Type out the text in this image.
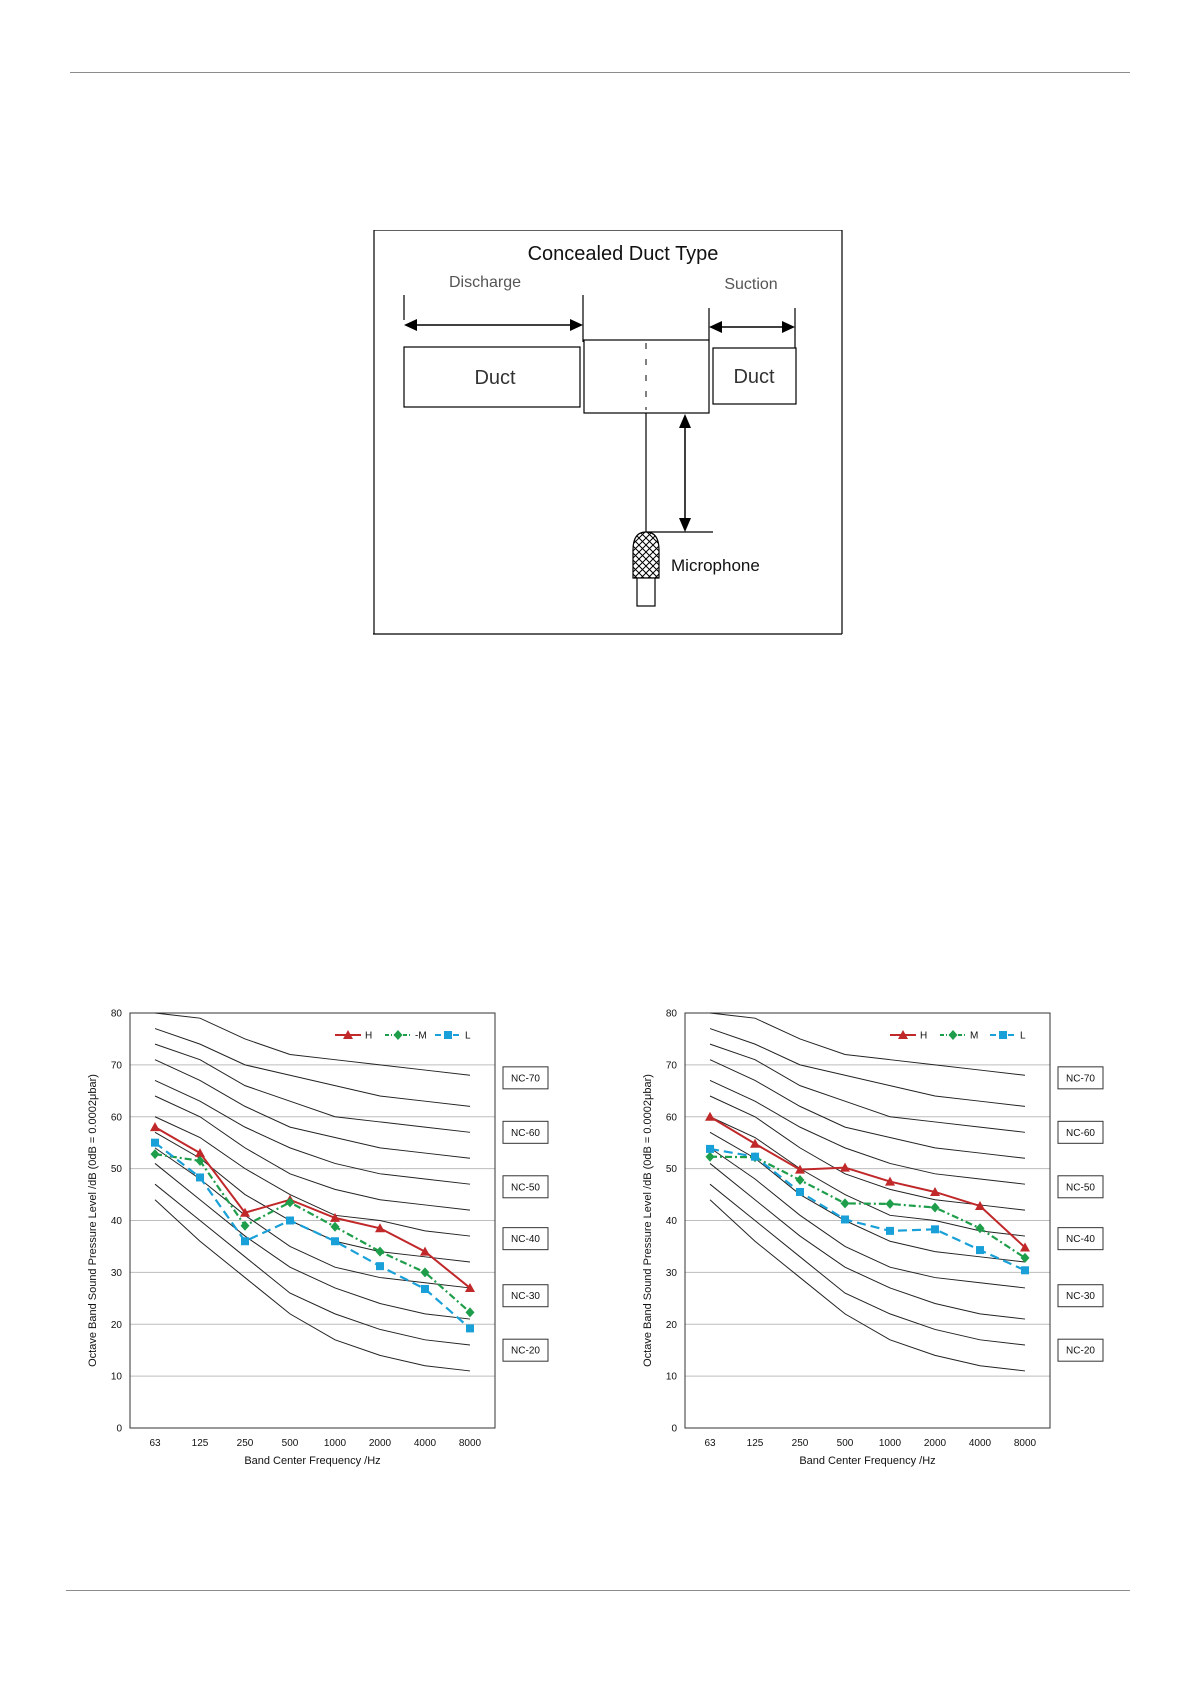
Concealed Duct Type
Discharge	Suction
Duct	Duct
Microphone
0
10
20
30
40
50
60
70
80
63	125	250	500	1000 2000 4000 8000
Band Center Frequency /Hz
Octave Band Sound Pressure Level /dB (0dB = 0.0002μbar)	NC-70
NC-60
NC-50
NC-40
NC-30
NC-20
H	-M	L
0
10
20
30
40
50
60
70
80
63	125	250	500	1000 2000 4000 8000
Band Center Frequency /Hz
Octave Band Sound Pressure Level /dB (0dB = 0.0002μbar)	NC-70
NC-60
NC-50
NC-40
NC-30
NC-20
H	M	L
